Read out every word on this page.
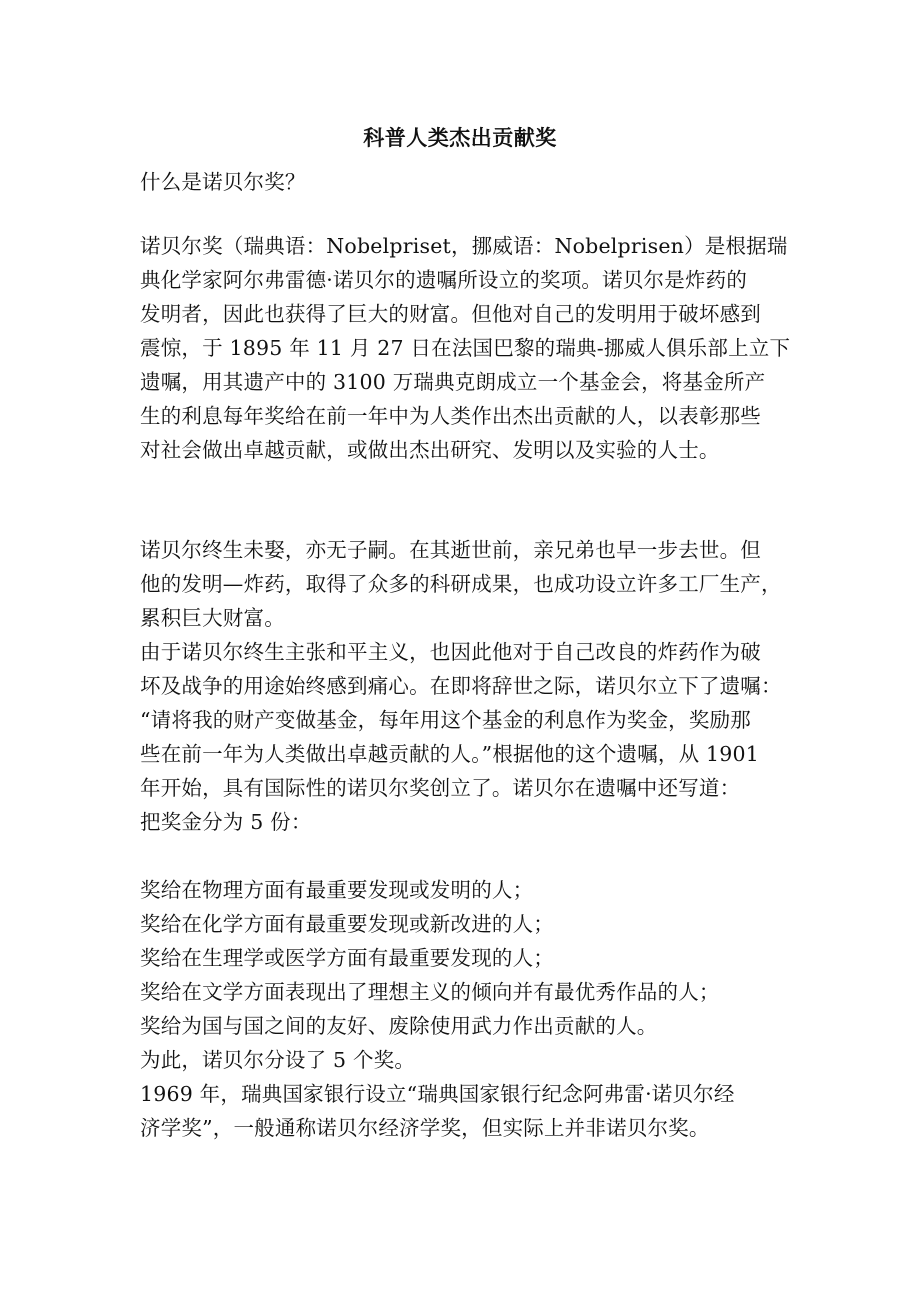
科普人类杰出贡献奖
什么是诺贝尔奖？
诺贝尔奖（瑞典语：Nobelpriset，挪威语：Nobelprisen）是根据瑞
典化学家阿尔弗雷德·诺贝尔的遗嘱所设立的奖项。诺贝尔是炸药的
发明者，因此也获得了巨大的财富。但他对自己的发明用于破坏感到
震惊，于 1895 年 11 月 27 日在法国巴黎的瑞典-挪威人俱乐部上立下
遗嘱，用其遗产中的 3100 万瑞典克朗成立一个基金会，将基金所产
生的利息每年奖给在前一年中为人类作出杰出贡献的人，以表彰那些
对社会做出卓越贡献，或做出杰出研究、发明以及实验的人士。
诺贝尔终生未娶，亦无子嗣。在其逝世前，亲兄弟也早一步去世。但
他的发明—炸药，取得了众多的科研成果，也成功设立许多工厂生产，
累积巨大财富。
由于诺贝尔终生主张和平主义，也因此他对于自己改良的炸药作为破
坏及战争的用途始终感到痛心。在即将辞世之际，诺贝尔立下了遗嘱：
“请将我的财产变做基金，每年用这个基金的利息作为奖金，奖励那
些在前一年为人类做出卓越贡献的人。”根据他的这个遗嘱，从 1901
年开始，具有国际性的诺贝尔奖创立了。诺贝尔在遗嘱中还写道：
把奖金分为 5 份：
奖给在物理方面有最重要发现或发明的人；
奖给在化学方面有最重要发现或新改进的人；
奖给在生理学或医学方面有最重要发现的人；
奖给在文学方面表现出了理想主义的倾向并有最优秀作品的人；
奖给为国与国之间的友好、废除使用武力作出贡献的人。
为此，诺贝尔分设了 5 个奖。
1969 年，瑞典国家银行设立“瑞典国家银行纪念阿弗雷·诺贝尔经
济学奖”，一般通称诺贝尔经济学奖，但实际上并非诺贝尔奖。
